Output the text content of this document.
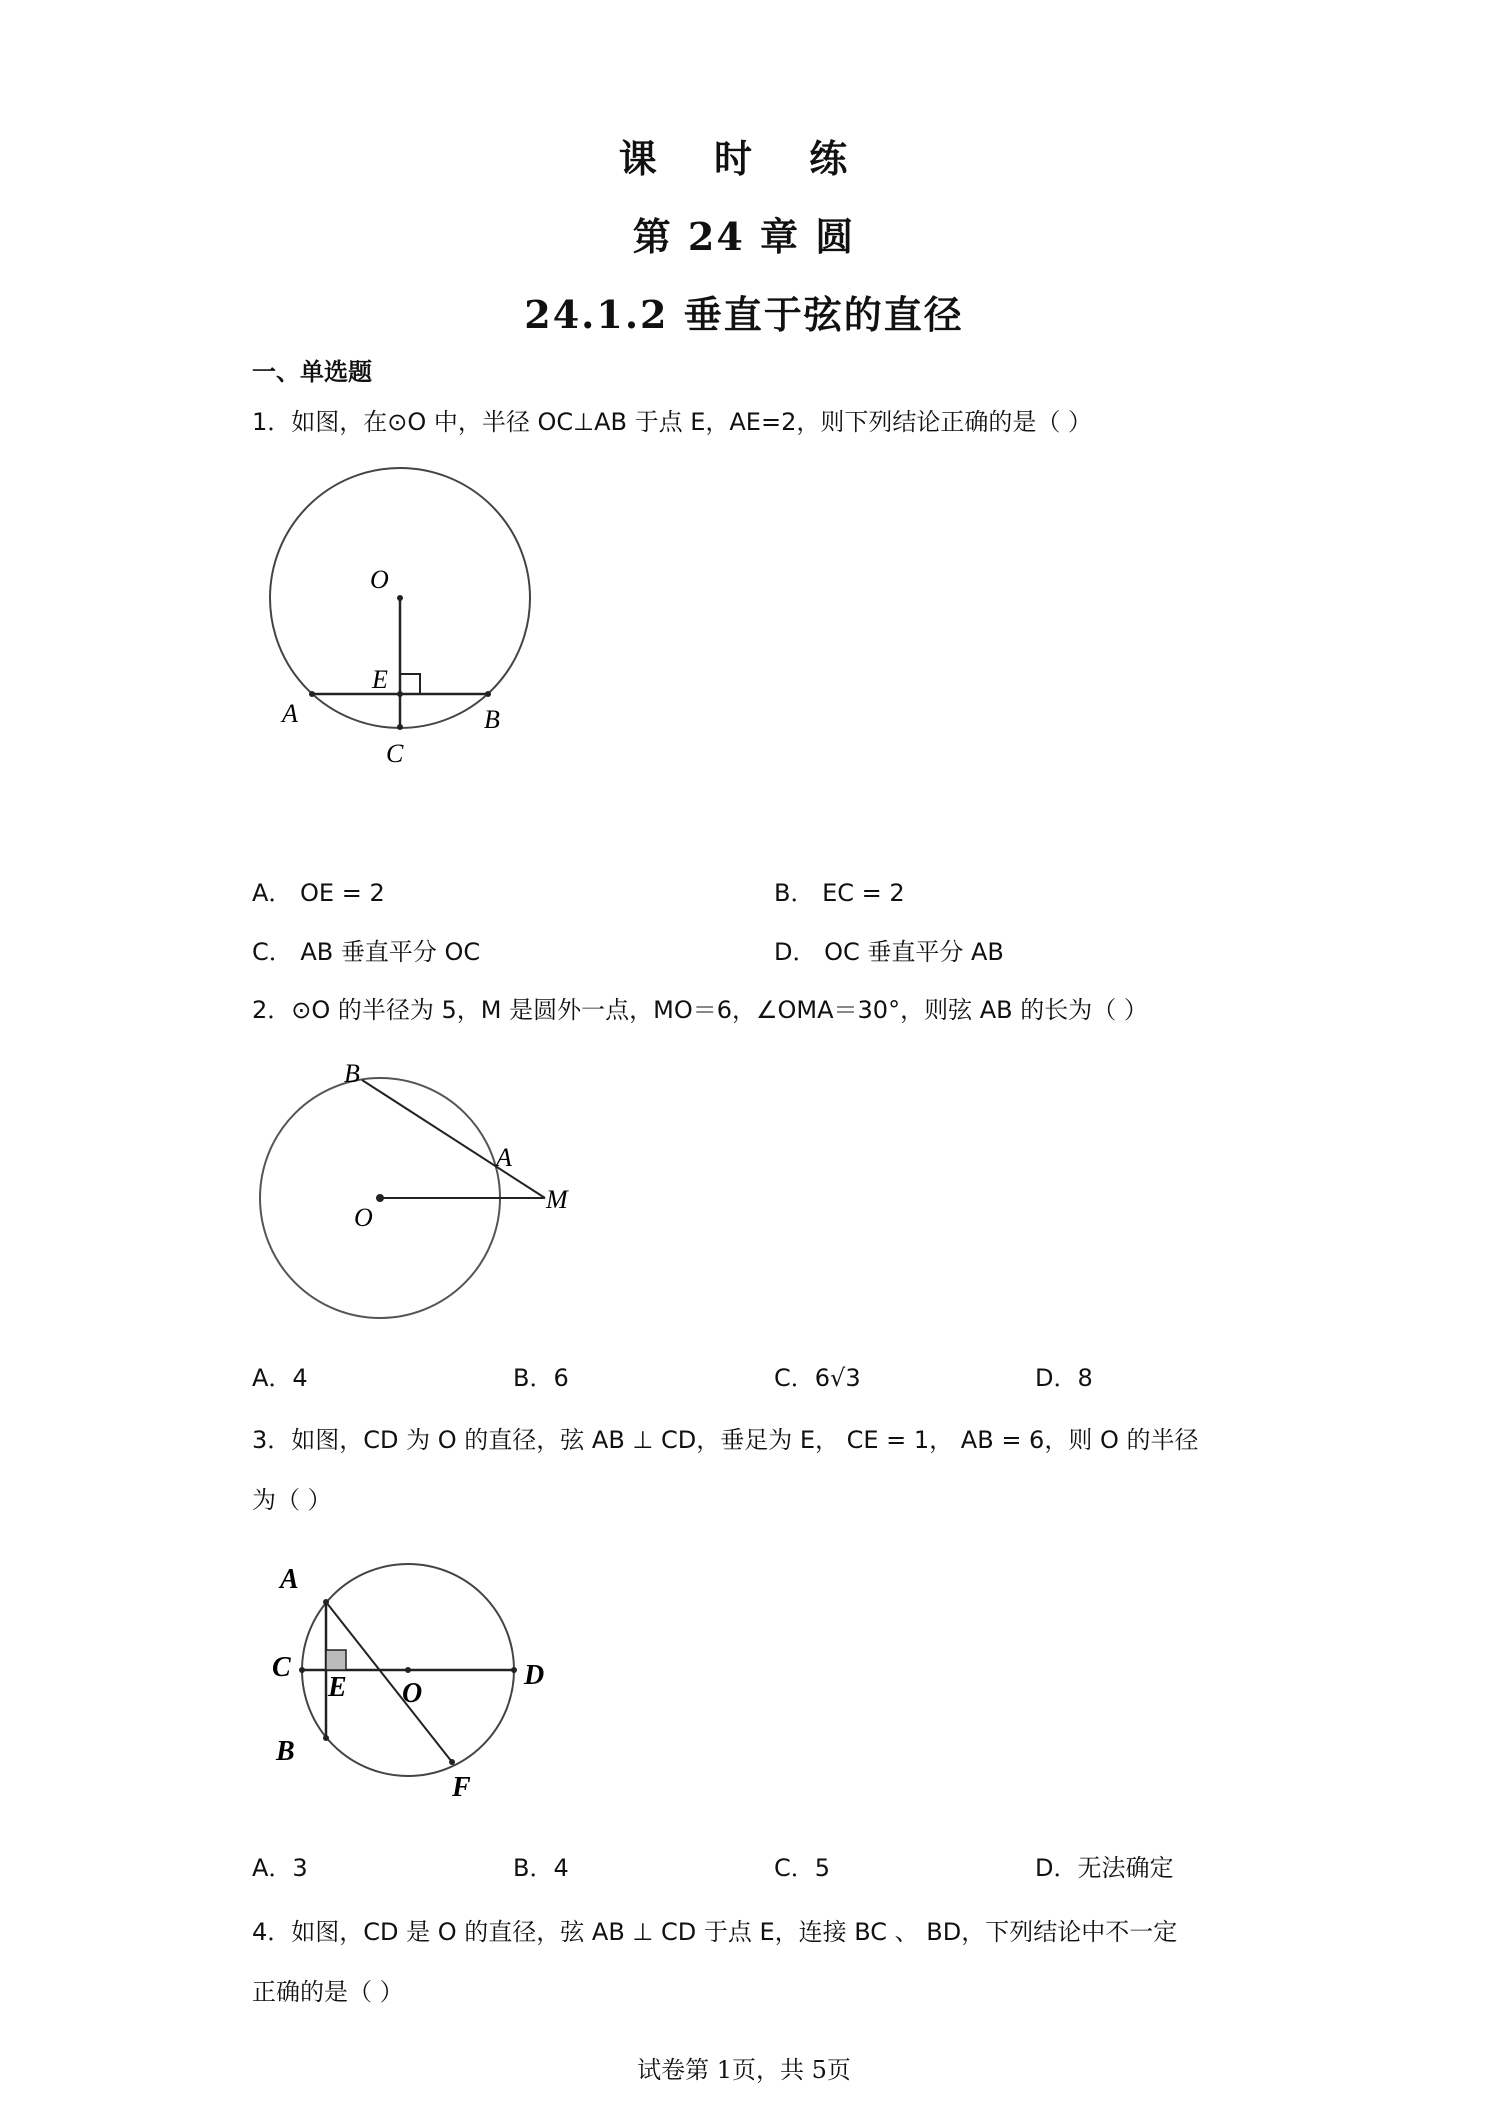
课 时 练
第 24 章 圆
24.1.2 垂直于弦的直径
一、单选题
1．如图，在⊙O 中，半径 OC⊥AB 于点 E，AE=2，则下列结论正确的是（ ）
O
E
A	B
C
A． OE = 2	B． EC = 2
C． AB 垂直平分 OC	D． OC 垂直平分 AB
2．⊙O 的半径为 5，M 是圆外一点，MO＝6，∠OMA＝30°，则弦 AB 的长为（ ）
B
A
O
M
A．4	B．6	C．6√3	D．8
3．如图，CD 为 O 的直径，弦 AB ⊥ CD，垂足为 E， CE = 1， AB = 6，则 O 的半径
为（ ）
A
C
E O
D
B
F
A．3	B．4	C．5	D．无法确定
4．如图，CD 是 O 的直径，弦 AB ⊥ CD 于点 E，连接 BC 、 BD，下列结论中不一定
正确的是（ ）
试卷第 1页，共 5页
